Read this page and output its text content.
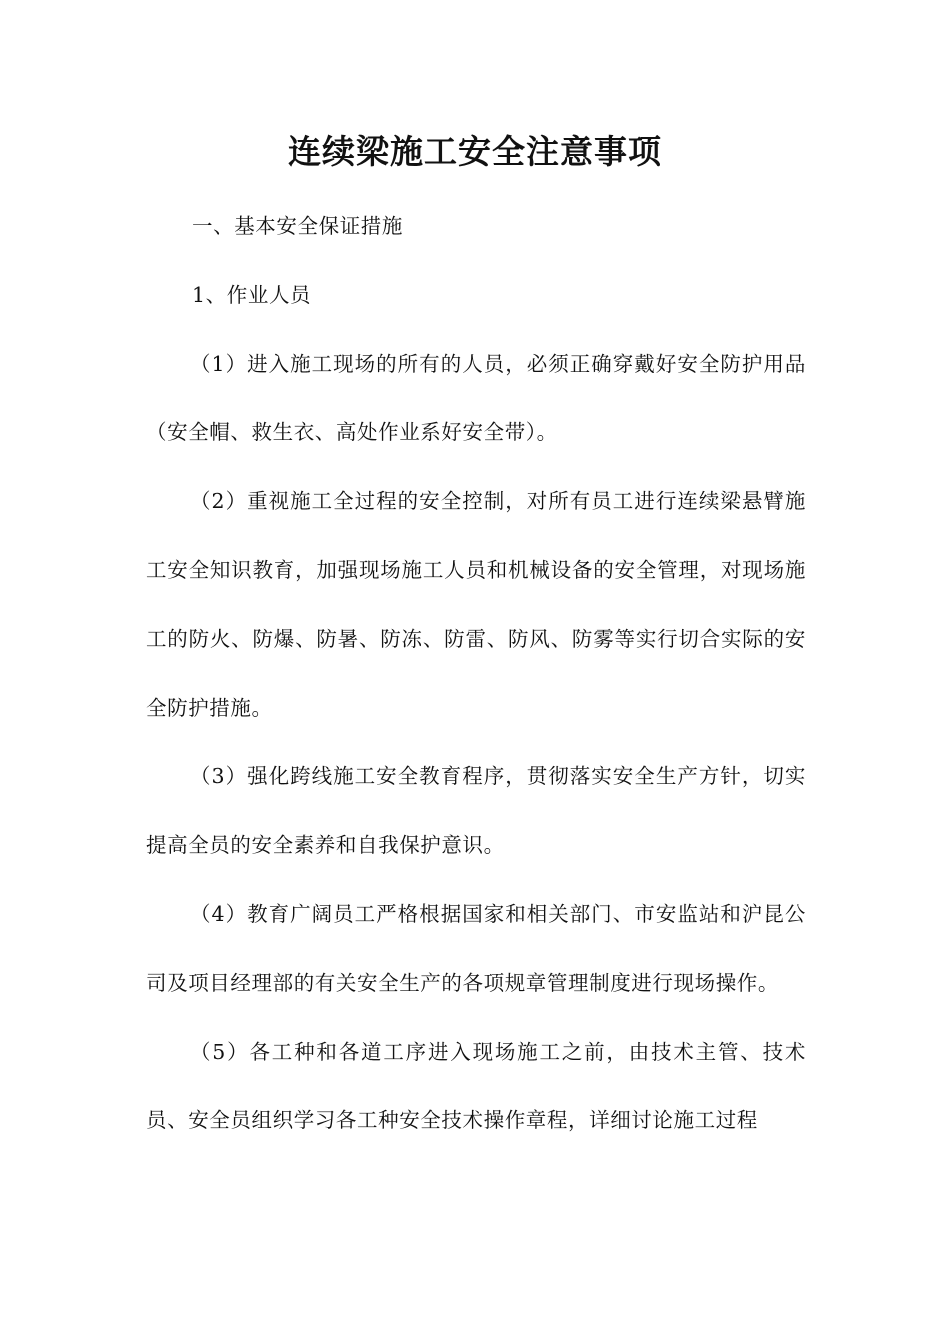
连续梁施工安全注意事项

一、基本安全保证措施

1、作业人员

（1）进入施工现场的所有的人员，必须正确穿戴好安全防护用品（安全帽、救生衣、高处作业系好安全带）。

（2）重视施工全过程的安全控制，对所有员工进行连续梁悬臂施工安全知识教育，加强现场施工人员和机械设备的安全管理，对现场施工的防火、防爆、防暑、防冻、防雷、防风、防雾等实行切合实际的安全防护措施。

（3）强化跨线施工安全教育程序，贯彻落实安全生产方针，切实提高全员的安全素养和自我保护意识。

（4）教育广阔员工严格根据国家和相关部门、市安监站和沪昆公司及项目经理部的有关安全生产的各项规章管理制度进行现场操作。

（5）各工种和各道工序进入现场施工之前，由技术主管、技术员、安全员组织学习各工种安全技术操作章程，详细讨论施工过程
